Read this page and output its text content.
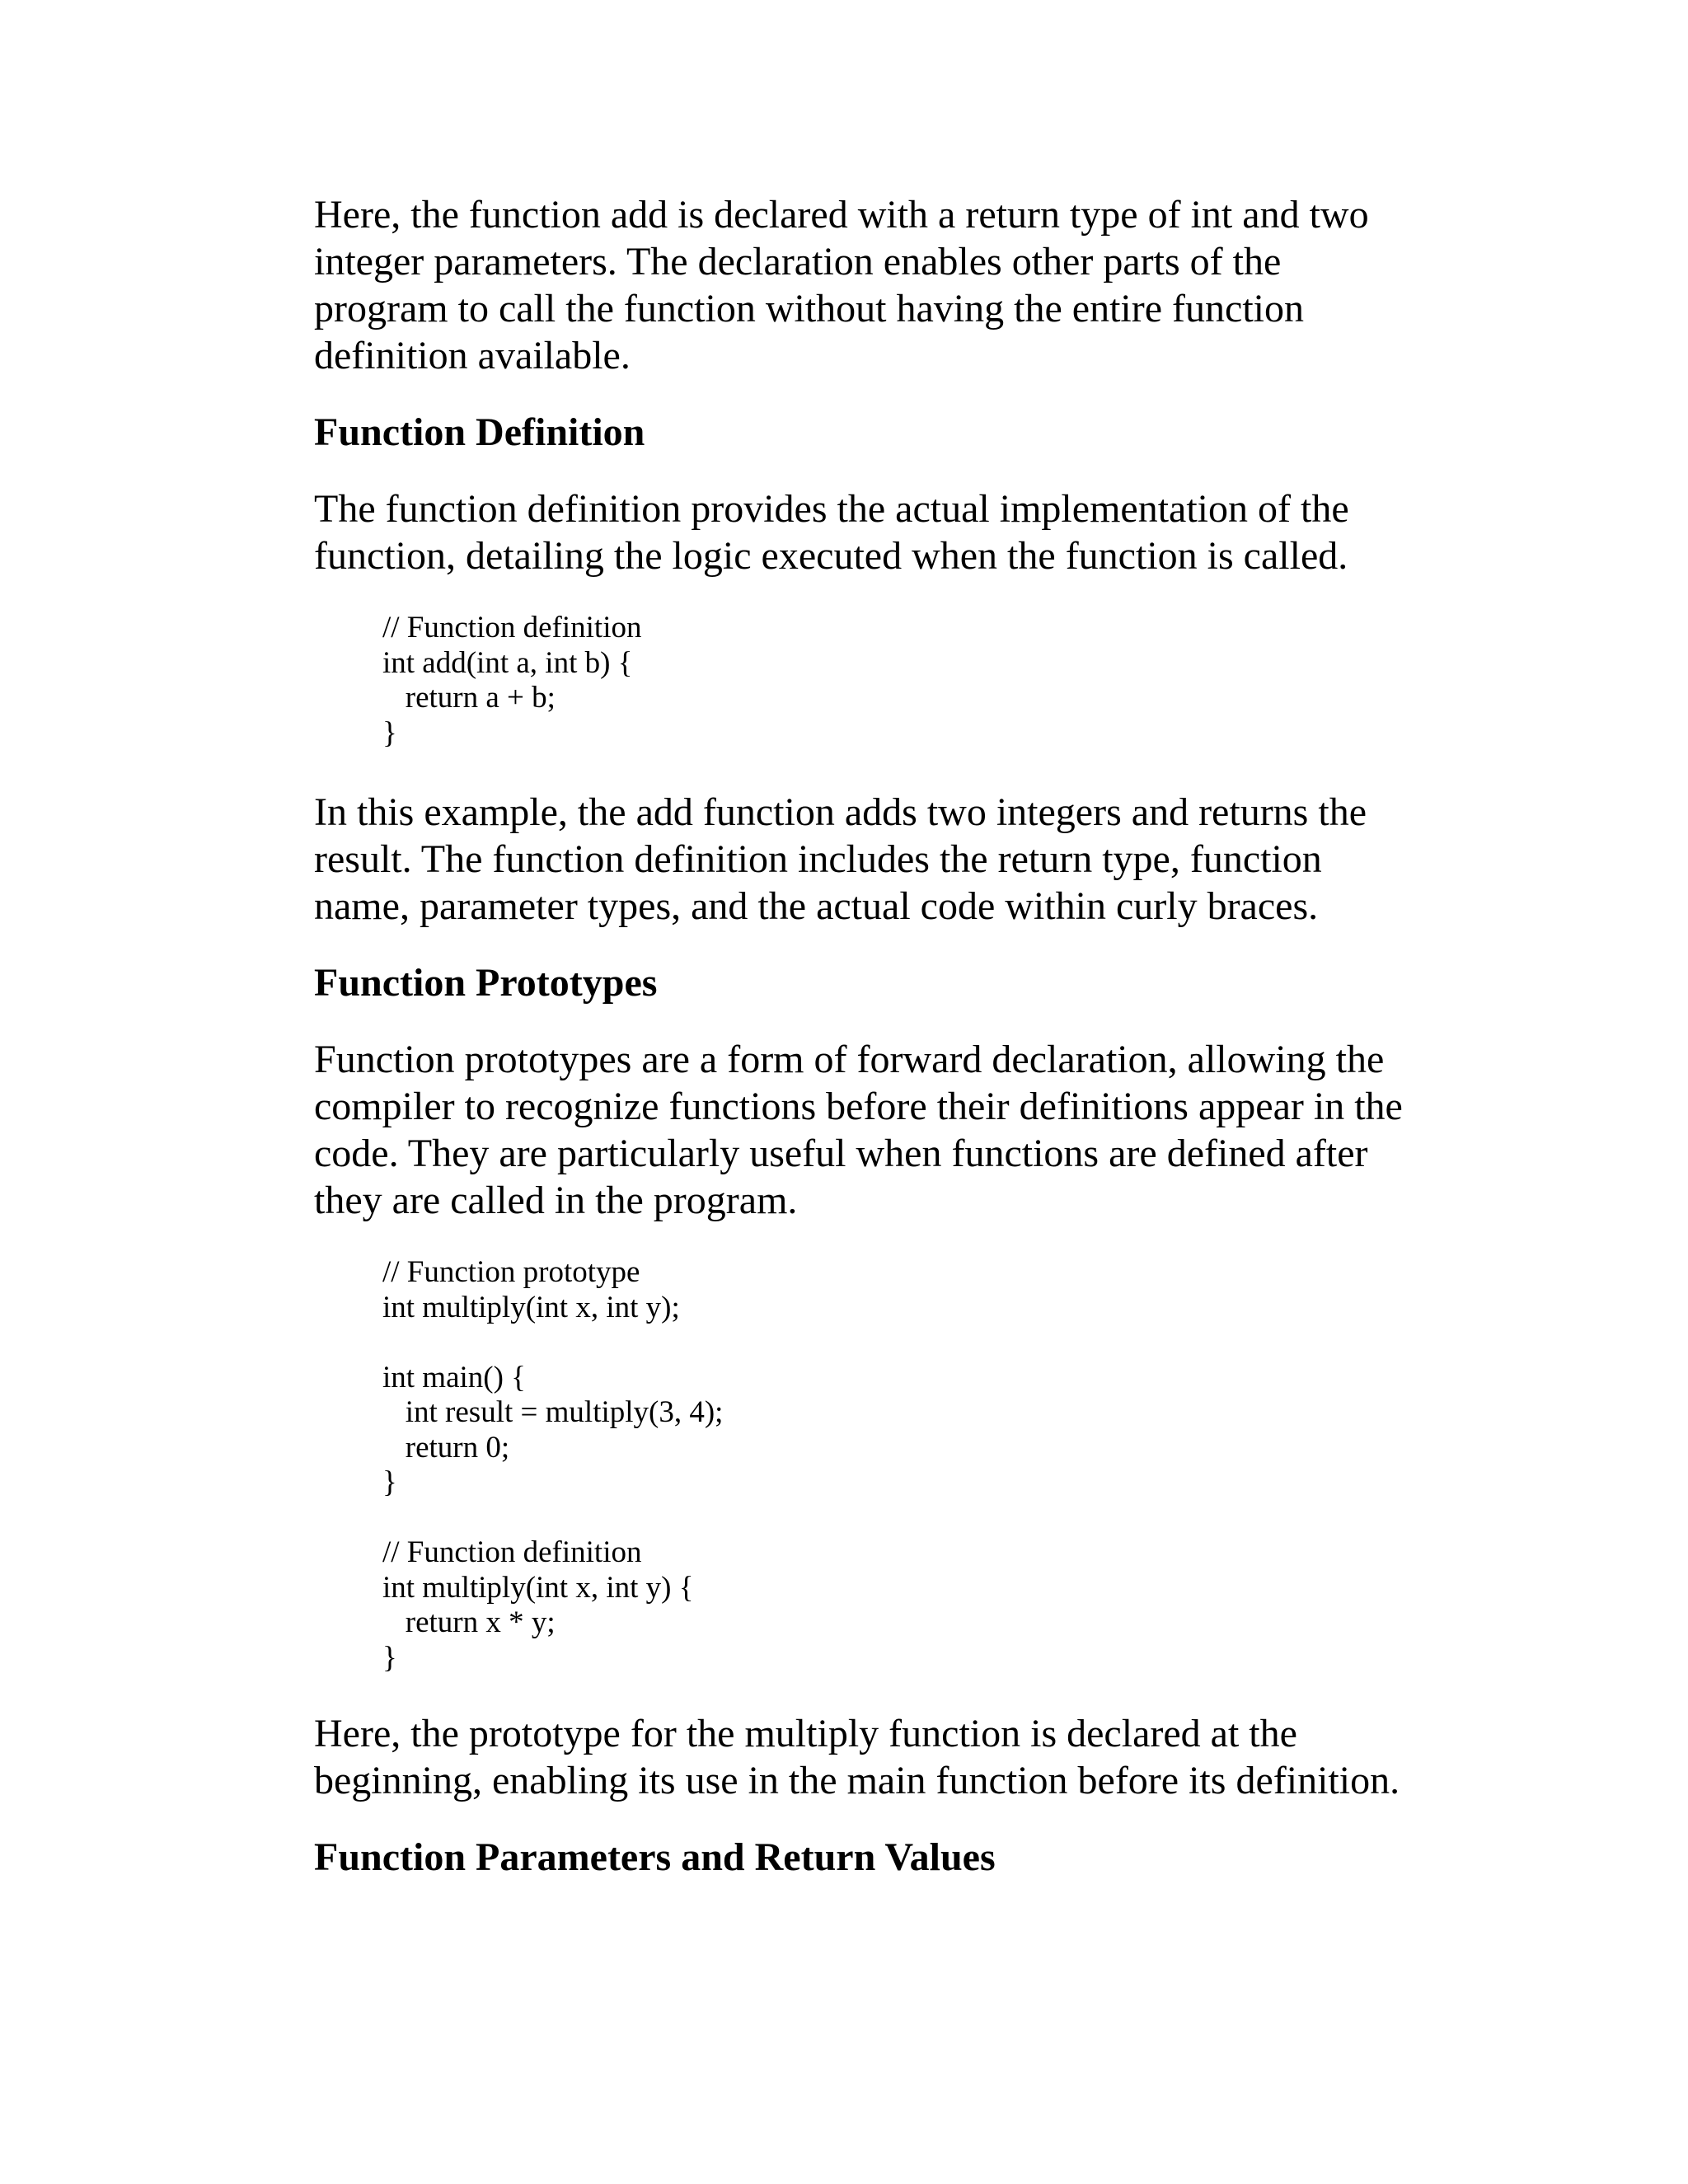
Here, the function add is declared with a return type of int and two
integer parameters. The declaration enables other parts of the
program to call the function without having the entire function
definition available.

Function Definition

The function definition provides the actual implementation of the
function, detailing the logic executed when the function is called.

// Function definition
int add(int a, int b) {
return a + b;
}

In this example, the add function adds two integers and returns the
result. The function definition includes the return type, function
name, parameter types, and the actual code within curly braces.

Function Prototypes

Function prototypes are a form of forward declaration, allowing the
compiler to recognize functions before their definitions appear in the
code. They are particularly useful when functions are defined after
they are called in the program.

// Function prototype
int multiply(int x, int y);
int main() {
int result = multiply(3, 4);
return 0;
}
// Function definition
int multiply(int x, int y) {
return x * y;
}

Here, the prototype for the multiply function is declared at the
beginning, enabling its use in the main function before its definition.

Function Parameters and Return Values
